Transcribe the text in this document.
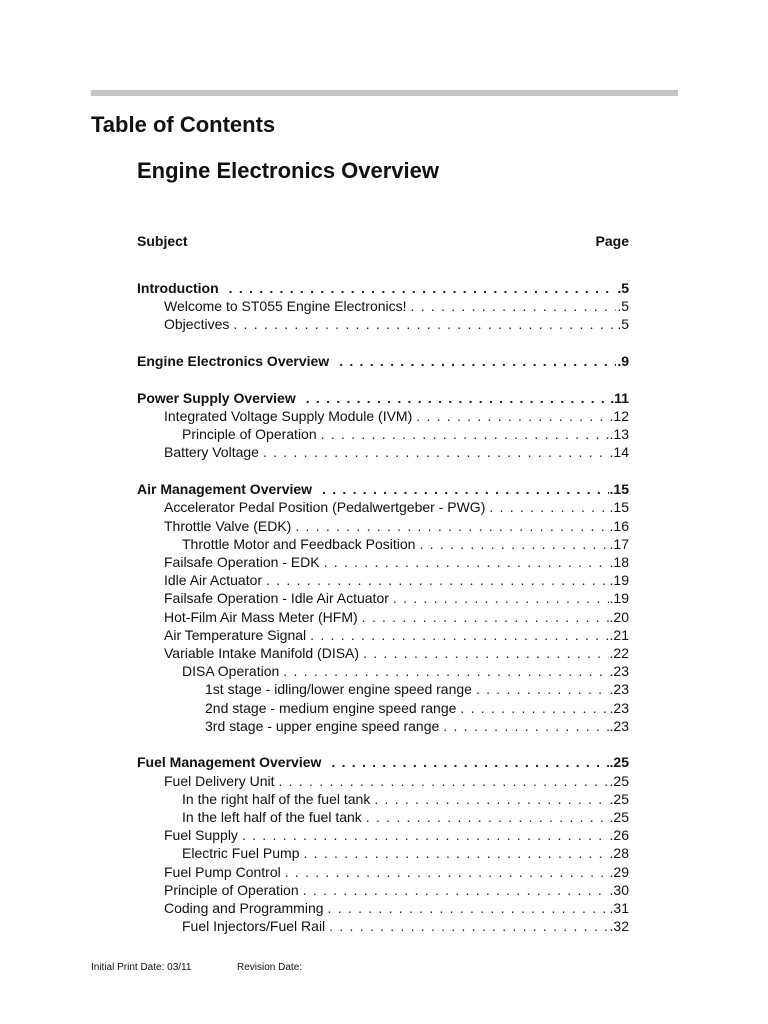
Table of Contents
Engine Electronics Overview
Subject	Page
Introduction . . .	.5
Welcome to ST055 Engine Electronics! . . .	.5
Objectives . . .	.5
Engine Electronics Overview . . .	.9
Power Supply Overview . . .	.11
Integrated Voltage Supply Module (IVM) . . .	.12
Principle of Operation . . .	.13
Battery Voltage . . .	.14
Air Management Overview . . .	.15
Accelerator Pedal Position (Pedalwertgeber - PWG) . . .	.15
Throttle Valve (EDK) . . .	.16
Throttle Motor and Feedback Position . . .	.17
Failsafe Operation - EDK . . .	.18
Idle Air Actuator . . .	.19
Failsafe Operation - Idle Air Actuator . . .	.19
Hot-Film Air Mass Meter (HFM) . . .	.20
Air Temperature Signal . . .	.21
Variable Intake Manifold (DISA) . . .	.22
DISA Operation . . .	.23
1st stage - idling/lower engine speed range . . .	.23
2nd stage - medium engine speed range . . .	.23
3rd stage - upper engine speed range . . .	.23
Fuel Management Overview . . .	.25
Fuel Delivery Unit . . .	.25
In the right half of the fuel tank . . .	.25
In the left half of the fuel tank . . .	.25
Fuel Supply . . .	.26
Electric Fuel Pump . . .	.28
Fuel Pump Control . . .	.29
Principle of Operation . . .	.30
Coding and Programming . . .	.31
Fuel Injectors/Fuel Rail . . .	.32
Initial Print Date: 03/11	Revision Date:
